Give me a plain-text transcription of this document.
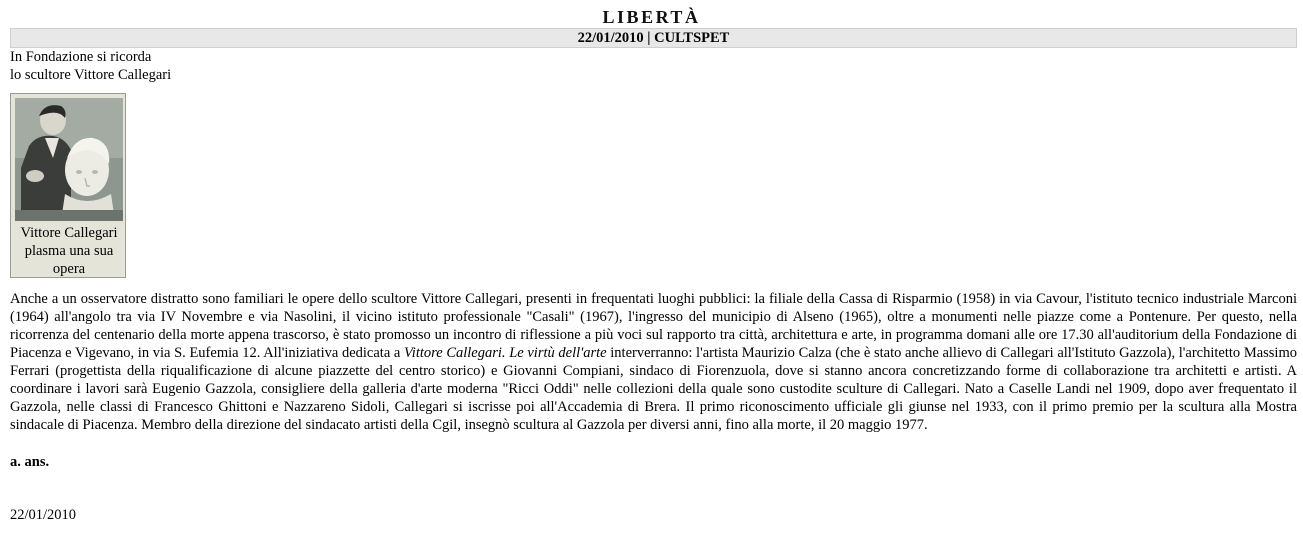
LIBERTÀ
22/01/2010 | CULTSPET
In Fondazione si ricorda
lo scultore Vittore Callegari
Vittore Callegari plasma una sua opera
Anche a un osservatore distratto sono familiari le opere dello scultore Vittore Callegari, presenti in frequentati luoghi pubblici: la filiale della Cassa di Risparmio (1958) in via Cavour, l'istituto tecnico industriale Marconi (1964) all'angolo tra via IV Novembre e via Nasolini, il vicino istituto professionale "Casali" (1967), l'ingresso del municipio di Alseno (1965), oltre a monumenti nelle piazze come a Pontenure. Per questo, nella ricorrenza del centenario della morte appena trascorso, è stato promosso un incontro di riflessione a più voci sul rapporto tra città, architettura e arte, in programma domani alle ore 17.30 all'auditorium della Fondazione di Piacenza e Vigevano, in via S. Eufemia 12. All'iniziativa dedicata a Vittore Callegari. Le virtù dell'arte interverranno: l'artista Maurizio Calza (che è stato anche allievo di Callegari all'Istituto Gazzola), l'architetto Massimo Ferrari (progettista della riqualificazione di alcune piazzette del centro storico) e Giovanni Compiani, sindaco di Fiorenzuola, dove si stanno ancora concretizzando forme di collaborazione tra architetti e artisti. A coordinare i lavori sarà Eugenio Gazzola, consigliere della galleria d'arte moderna "Ricci Oddi" nelle collezioni della quale sono custodite sculture di Callegari. Nato a Caselle Landi nel 1909, dopo aver frequentato il Gazzola, nelle classi di Francesco Ghittoni e Nazzareno Sidoli, Callegari si iscrisse poi all'Accademia di Brera. Il primo riconoscimento ufficiale gli giunse nel 1933, con il primo premio per la scultura alla Mostra sindacale di Piacenza. Membro della direzione del sindacato artisti della Cgil, insegnò scultura al Gazzola per diversi anni, fino alla morte, il 20 maggio 1977.
a. ans.
22/01/2010
